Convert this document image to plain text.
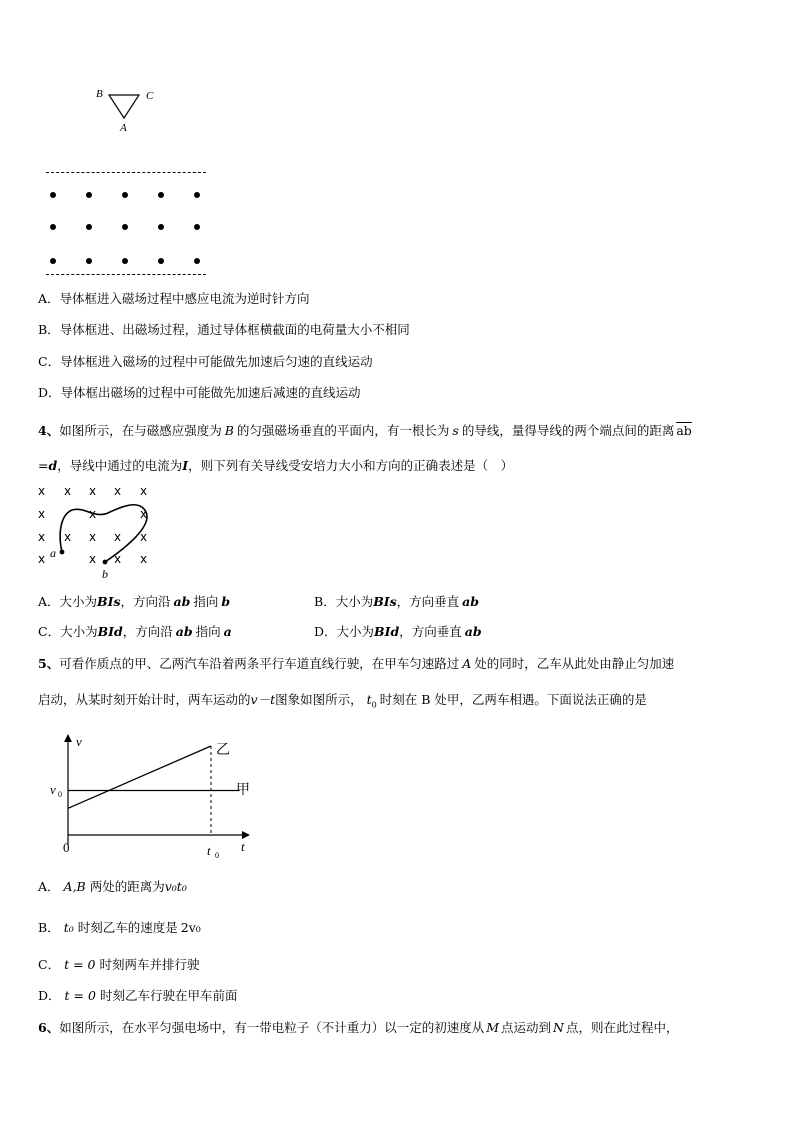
B	C
A
A．导体框进入磁场过程中感应电流为逆时针方向
B．导体框进、出磁场过程，通过导体框横截面的电荷量大小不相同
C．导体框进入磁场的过程中可能做先加速后匀速的直线运动
D．导体框出磁场的过程中可能做先加速后减速的直线运动
4、如图所示，在与磁感应强度为 B 的匀强磁场垂直的平面内，有一根长为 s 的导线，量得导线的两个端点间的距离 $\overline{ab}$
=d，导线中通过的电流为I，则下列有关导线受安培力大小和方向的正确表述是（　）
x x x x x
x	x	x
x x x x x
x	x x x
a
b
A．大小为BIs，方向沿 ab 指向 b	B．大小为BIs，方向垂直 ab
C．大小为BId，方向沿 ab 指向 a	D．大小为BId，方向垂直 ab
5、可看作质点的甲、乙两汽车沿着两条平行车道直线行驶，在甲车匀速路过 A 处的同时，乙车从此处由静止匀加速
启动，从某时刻开始计时，两车运动的v－t图象如图所示， $t_0$ 时刻在 B 处甲，乙两车相遇。下面说法正确的是
v
t
0
v 0
t 0
甲
乙
A． A,B 两处的距离为v₀t₀
B． t₀ 时刻乙车的速度是 2v₀
C． t = 0 时刻两车并排行驶
D． t = 0 时刻乙车行驶在甲车前面
6、如图所示，在水平匀强电场中，有一带电粒子（不计重力）以一定的初速度从 M 点运动到 N 点，则在此过程中，
